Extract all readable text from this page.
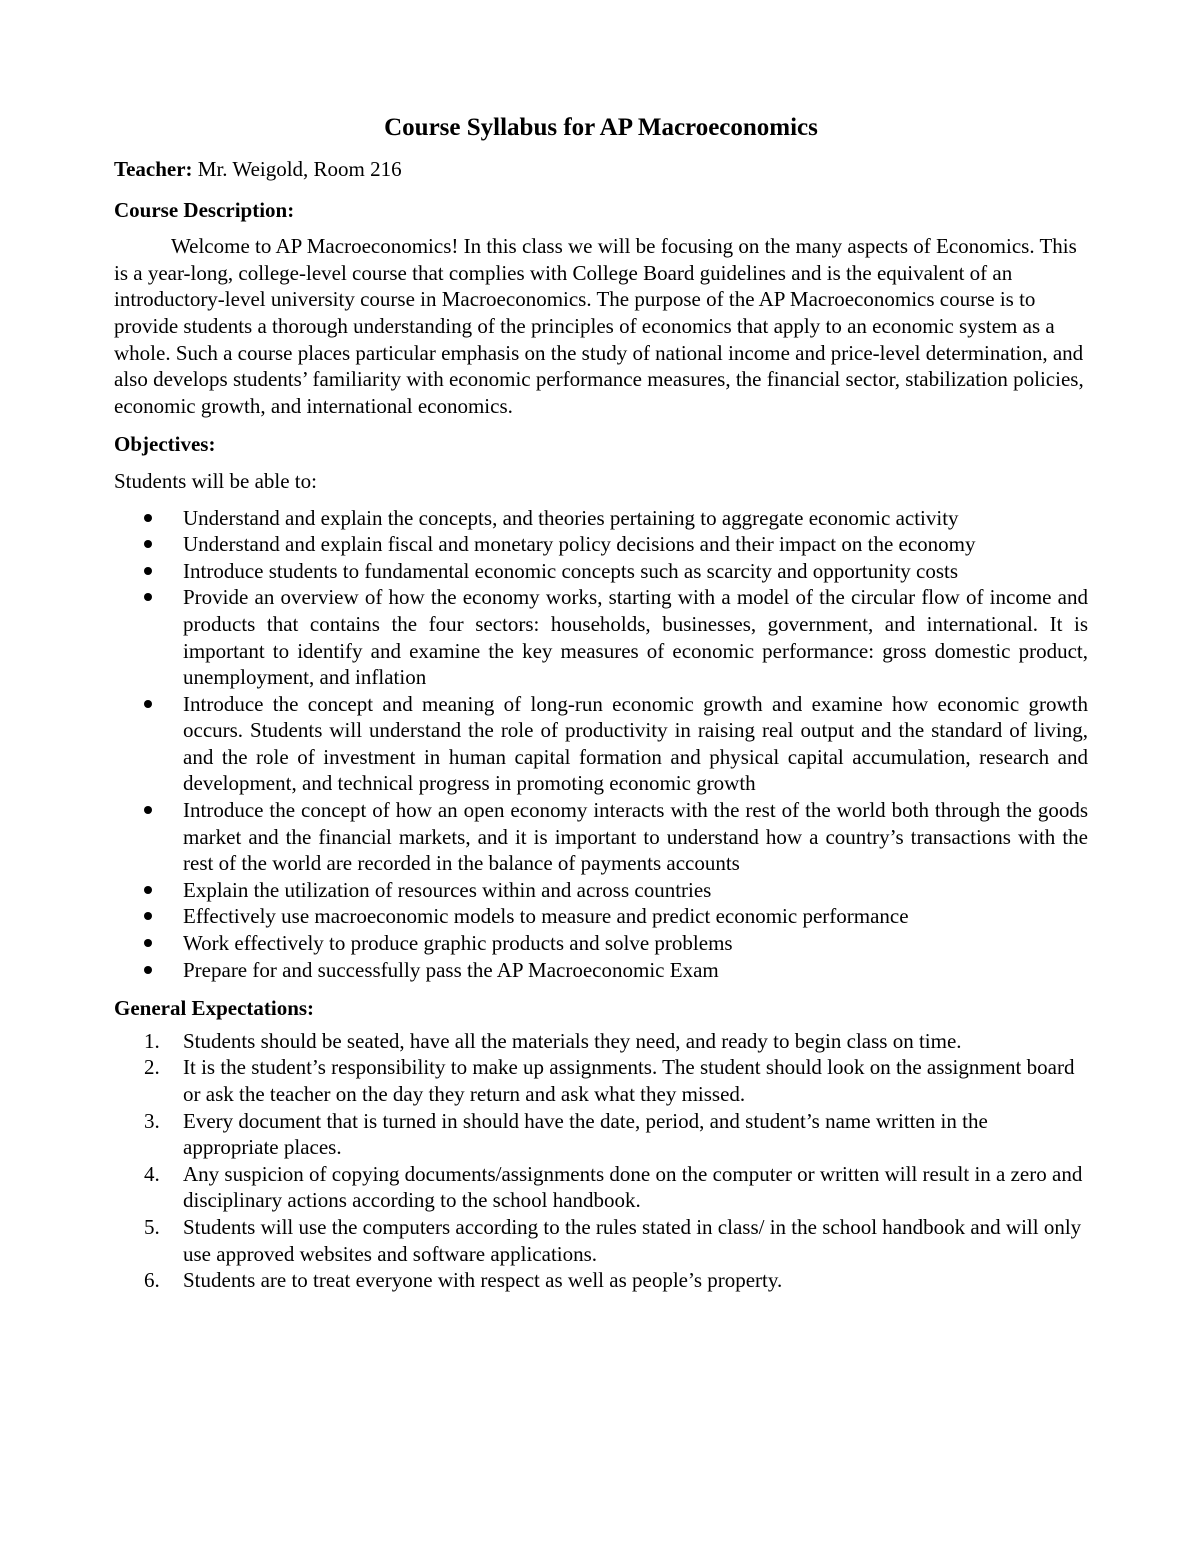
Course Syllabus for AP Macroeconomics

Teacher: Mr. Weigold, Room 216

Course Description:

Welcome to AP Macroeconomics! In this class we will be focusing on the many aspects of Economics. This is a year-long, college-level course that complies with College Board guidelines and is the equivalent of an introductory-level university course in Macroeconomics. The purpose of the AP Macroeconomics course is to provide students a thorough understanding of the principles of economics that apply to an economic system as a whole. Such a course places particular emphasis on the study of national income and price-level determination, and also develops students’ familiarity with economic performance measures, the financial sector, stabilization policies, economic growth, and international economics.

Objectives:

Students will be able to:

Understand and explain the concepts, and theories pertaining to aggregate economic activity
Understand and explain fiscal and monetary policy decisions and their impact on the economy
Introduce students to fundamental economic concepts such as scarcity and opportunity costs
Provide an overview of how the economy works, starting with a model of the circular flow of income and products that contains the four sectors: households, businesses, government, and international. It is important to identify and examine the key measures of economic performance: gross domestic product, unemployment, and inflation
Introduce the concept and meaning of long-run economic growth and examine how economic growth occurs. Students will understand the role of productivity in raising real output and the standard of living, and the role of investment in human capital formation and physical capital accumulation, research and development, and technical progress in promoting economic growth
Introduce the concept of how an open economy interacts with the rest of the world both through the goods market and the financial markets, and it is important to understand how a country’s transactions with the rest of the world are recorded in the balance of payments accounts
Explain the utilization of resources within and across countries
Effectively use macroeconomic models to measure and predict economic performance
Work effectively to produce graphic products and solve problems
Prepare for and successfully pass the AP Macroeconomic Exam
General Expectations:
1. Students should be seated, have all the materials they need, and ready to begin class on time.
2. It is the student’s responsibility to make up assignments. The student should look on the assignment board or ask the teacher on the day they return and ask what they missed.
3. Every document that is turned in should have the date, period, and student’s name written in the appropriate places.
4. Any suspicion of copying documents/assignments done on the computer or written will result in a zero and disciplinary actions according to the school handbook.
5. Students will use the computers according to the rules stated in class/ in the school handbook and will only use approved websites and software applications.
6. Students are to treat everyone with respect as well as people’s property.
